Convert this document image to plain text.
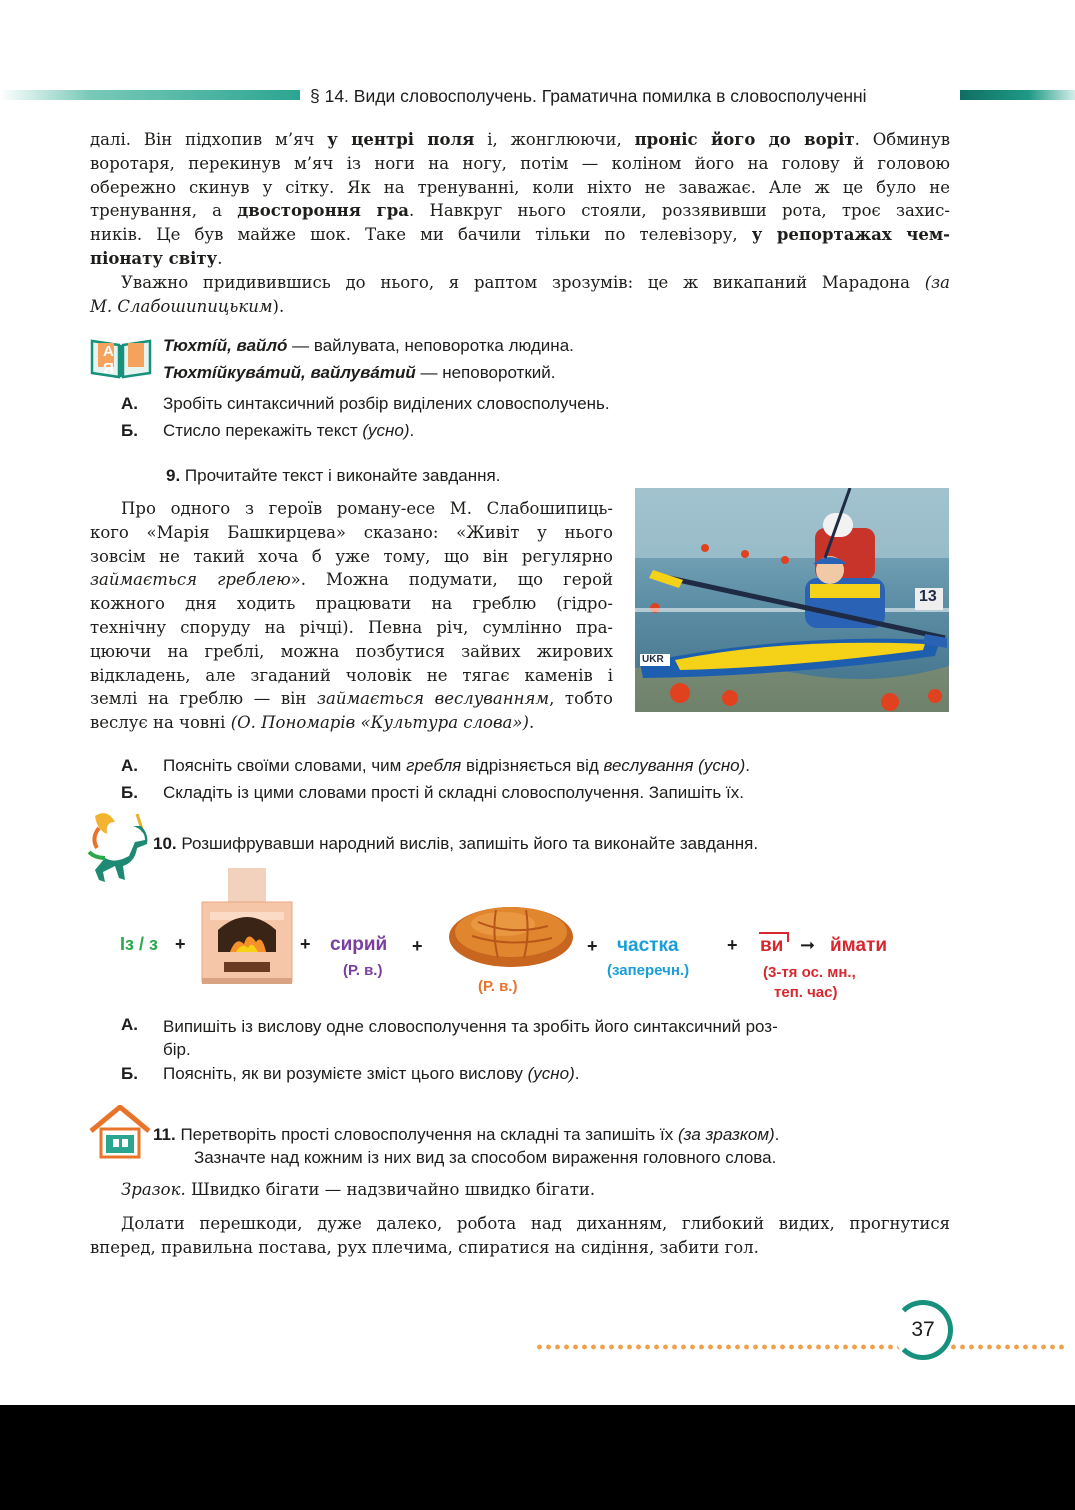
§ 14. Види словосполучень. Граматична помилка в словосполученні
далі. Він підхопив м’яч у центрі поля і, жонглюючи, проніс його до воріт. Обминув
воротаря, перекинув м’яч із ноги на ногу, потім — коліном його на голову й головою
обережно скинув у сітку. Як на тренуванні, коли ніхто не заважає. Але ж це було не
тренування, а двостороння гра. Навкруг нього стояли, роззявивши рота, троє захис-
ників. Це був майже шок. Таке ми бачили тільки по телевізору, у репортажах чем-
піонату світу.
Уважно придивившись до нього, я раптом зрозумів: це ж викапаний Марадона (за
М. Слабошипицьким).
А Я
Тюхтíй, вайлó — вайлувата, неповоротка людина.
Тюхтíйкувáтий, вайлувáтий — неповороткий.
А. Зробіть синтаксичний розбір виділених словосполучень.
Б. Стисло перекажіть текст (усно).
9. Прочитайте текст і виконайте завдання.
Про одного з героїв роману-есе М. Слабошипиць-
кого «Марія Башкирцева» сказано: «Живіт у нього
зовсім не такий хоча б уже тому, що він регулярно
займається греблею». Можна подумати, що герой
кожного дня ходить працювати на греблю (гідро-
технічну споруду на річці). Певна річ, сумлінно пра-
цюючи на греблі, можна позбутися зайвих жирових
відкладень, але згаданий чоловік не тягає каменів і
землі на греблю — він займається веслуванням, тобто
веслує на човні (О. Пономарів «Культура слова»).
13
UKR
А. Поясніть своїми словами, чим гребля відрізняється від веслування (усно).
Б. Складіть із цими словами прості й складні словосполучення. Запишіть їх.
10. Розшифрувавши народний вислів, запишіть його та виконайте завдання.
Із / з +	+ сирий
(Р. в.)
+
(Р. в.)
+ частка
(заперечн.)
+ ви ➞ ймати
(3-тя ос. мн.,
теп. час)
А. Випишіть із вислову одне словосполучення та зробіть його синтаксичний роз-
бір.
Б. Поясніть, як ви розумієте зміст цього вислову (усно).
11. Перетворіть прості словосполучення на складні та запишіть їх (за зразком).
Зазначте над кожним із них вид за способом вираження головного слова.
Зразок. Швидко бігати — надзвичайно швидко бігати.
Долати перешкоди, дуже далеко, робота над диханням, глибокий видих, прогнутися
вперед, правильна постава, рух плечима, спиратися на сидіння, забити гол.
37
